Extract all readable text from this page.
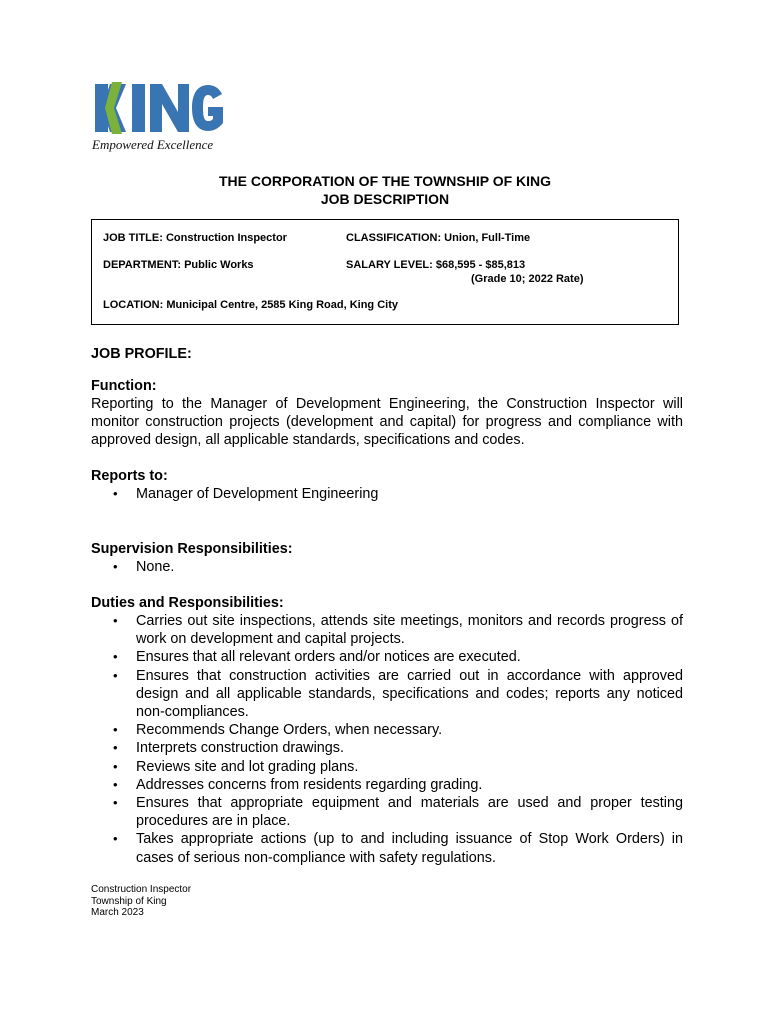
Empowered Excellence
THE CORPORATION OF THE TOWNSHIP OF KING
JOB DESCRIPTION
JOB TITLE: Construction Inspector	CLASSIFICATION: Union, Full-Time
DEPARTMENT: Public Works	SALARY LEVEL: $68,595 - $85,813
(Grade 10; 2022 Rate)
LOCATION: Municipal Centre, 2585 King Road, King City
JOB PROFILE:
Function:

Reporting to the Manager of Development Engineering, the Construction Inspector will monitor construction projects (development and capital) for progress and compliance with approved design, all applicable standards, specifications and codes.

Reports to:
• Manager of Development Engineering
Supervision Responsibilities:
• None.
Duties and Responsibilities:
• Carries out site inspections, attends site meetings, monitors and records progress of work on development and capital projects.
• Ensures that all relevant orders and/or notices are executed.
• Ensures that construction activities are carried out in accordance with approved design and all applicable standards, specifications and codes; reports any noticed non-compliances.
• Recommends Change Orders, when necessary.
• Interprets construction drawings.
• Reviews site and lot grading plans.
• Addresses concerns from residents regarding grading.
• Ensures that appropriate equipment and materials are used and proper testing procedures are in place.
• Takes appropriate actions (up to and including issuance of Stop Work Orders) in cases of serious non-compliance with safety regulations.
Construction Inspector
Township of King
March 2023
